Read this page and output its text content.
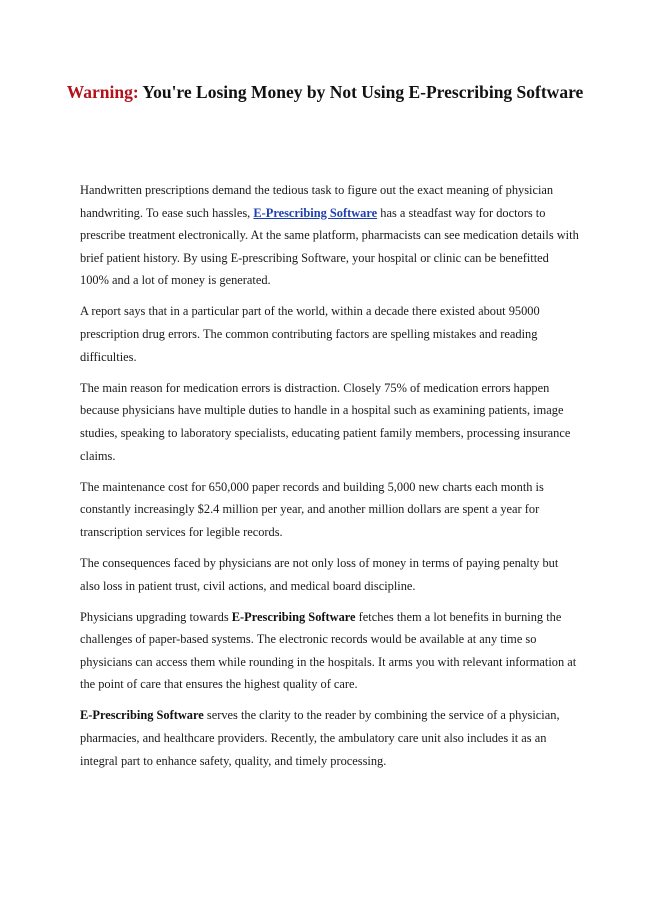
Warning: You're Losing Money by Not Using E-Prescribing Software

Handwritten prescriptions demand the tedious task to figure out the exact meaning of physician handwriting. To ease such hassles, E-Prescribing Software has a steadfast way for doctors to prescribe treatment electronically. At the same platform, pharmacists can see medication details with brief patient history. By using E-prescribing Software, your hospital or clinic can be benefitted 100% and a lot of money is generated.

A report says that in a particular part of the world, within a decade there existed about 95000 prescription drug errors. The common contributing factors are spelling mistakes and reading difficulties.

The main reason for medication errors is distraction. Closely 75% of medication errors happen because physicians have multiple duties to handle in a hospital such as examining patients, image studies, speaking to laboratory specialists, educating patient family members, processing insurance claims.

The maintenance cost for 650,000 paper records and building 5,000 new charts each month is constantly increasingly $2.4 million per year, and another million dollars are spent a year for transcription services for legible records.

The consequences faced by physicians are not only loss of money in terms of paying penalty but also loss in patient trust, civil actions, and medical board discipline.

Physicians upgrading towards E-Prescribing Software fetches them a lot benefits in burning the challenges of paper-based systems. The electronic records would be available at any time so physicians can access them while rounding in the hospitals. It arms you with relevant information at the point of care that ensures the highest quality of care.

E-Prescribing Software serves the clarity to the reader by combining the service of a physician, pharmacies, and healthcare providers. Recently, the ambulatory care unit also includes it as an integral part to enhance safety, quality, and timely processing.
